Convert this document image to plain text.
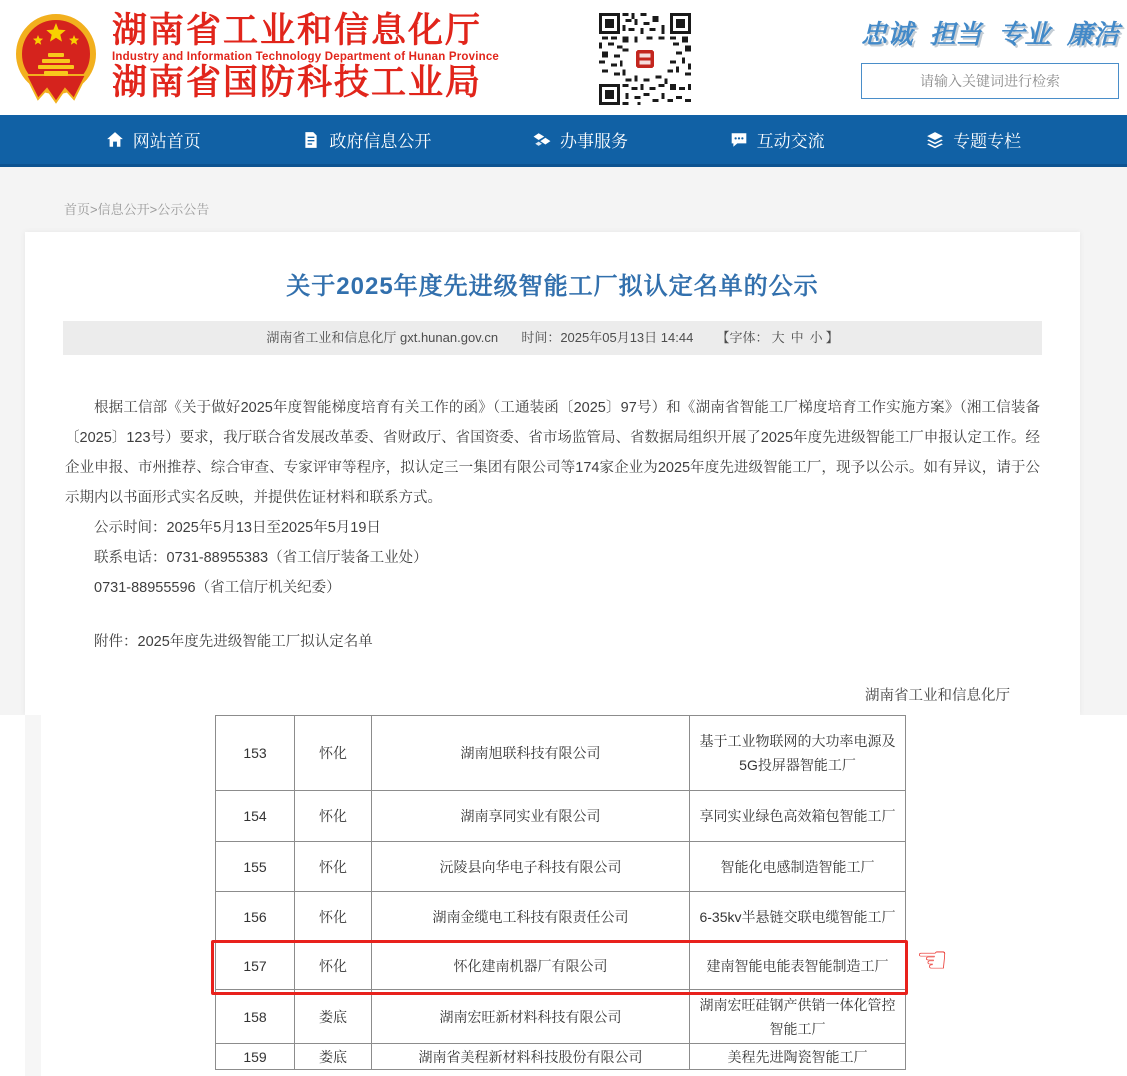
湖南省工业和信息化厅
Industry and Information Technology Department of Hunan Province
湖南省国防科技工业局
忠诚 担当 专业 廉洁
请输入关键词进行检索
网站首页	政府信息公开	办事服务	互动交流	专题专栏
首页>信息公开>公示公告
关于2025年度先进级智能工厂拟认定名单的公示
湖南省工业和信息化厅 gxt.hunan.gov.cn 时间：2025年05月13日 14:44 【字体： 大 中 小 】

根据工信部《关于做好2025年度智能梯度培育有关工作的函》（工通装函〔2025〕97号）和《湖南省智能工厂梯度培育工作实施方案》（湘工信装备〔2025〕123号）要求，我厅联合省发展改革委、省财政厅、省国资委、省市场监管局、省数据局组织开展了2025年度先进级智能工厂申报认定工作。经企业申报、市州推荐、综合审查、专家评审等程序，拟认定三一集团有限公司等174家企业为2025年度先进级智能工厂，现予以公示。如有异议，请于公示期内以书面形式实名反映，并提供佐证材料和联系方式。

公示时间：2025年5月13日至2025年5月19日

联系电话：0731-88955383（省工信厅装备工业处）

0731-88955596（省工信厅机关纪委）

附件：2025年度先进级智能工厂拟认定名单

湖南省工业和信息化厅
153	怀化	湖南旭联科技有限公司	基于工业物联网的大功率电源及5G投屏器智能工厂
154	怀化	湖南享同实业有限公司	享同实业绿色高效箱包智能工厂
155	怀化	沅陵县向华电子科技有限公司	智能化电感制造智能工厂
156	怀化	湖南金缆电工科技有限责任公司	6-35kv半悬链交联电缆智能工厂
157	怀化	怀化建南机器厂有限公司	建南智能电能表智能制造工厂
158	娄底	湖南宏旺新材料科技有限公司	湖南宏旺硅钢产供销一体化管控智能工厂
159	娄底	湖南省美程新材料科技股份有限公司	美程先进陶瓷智能工厂
☜
